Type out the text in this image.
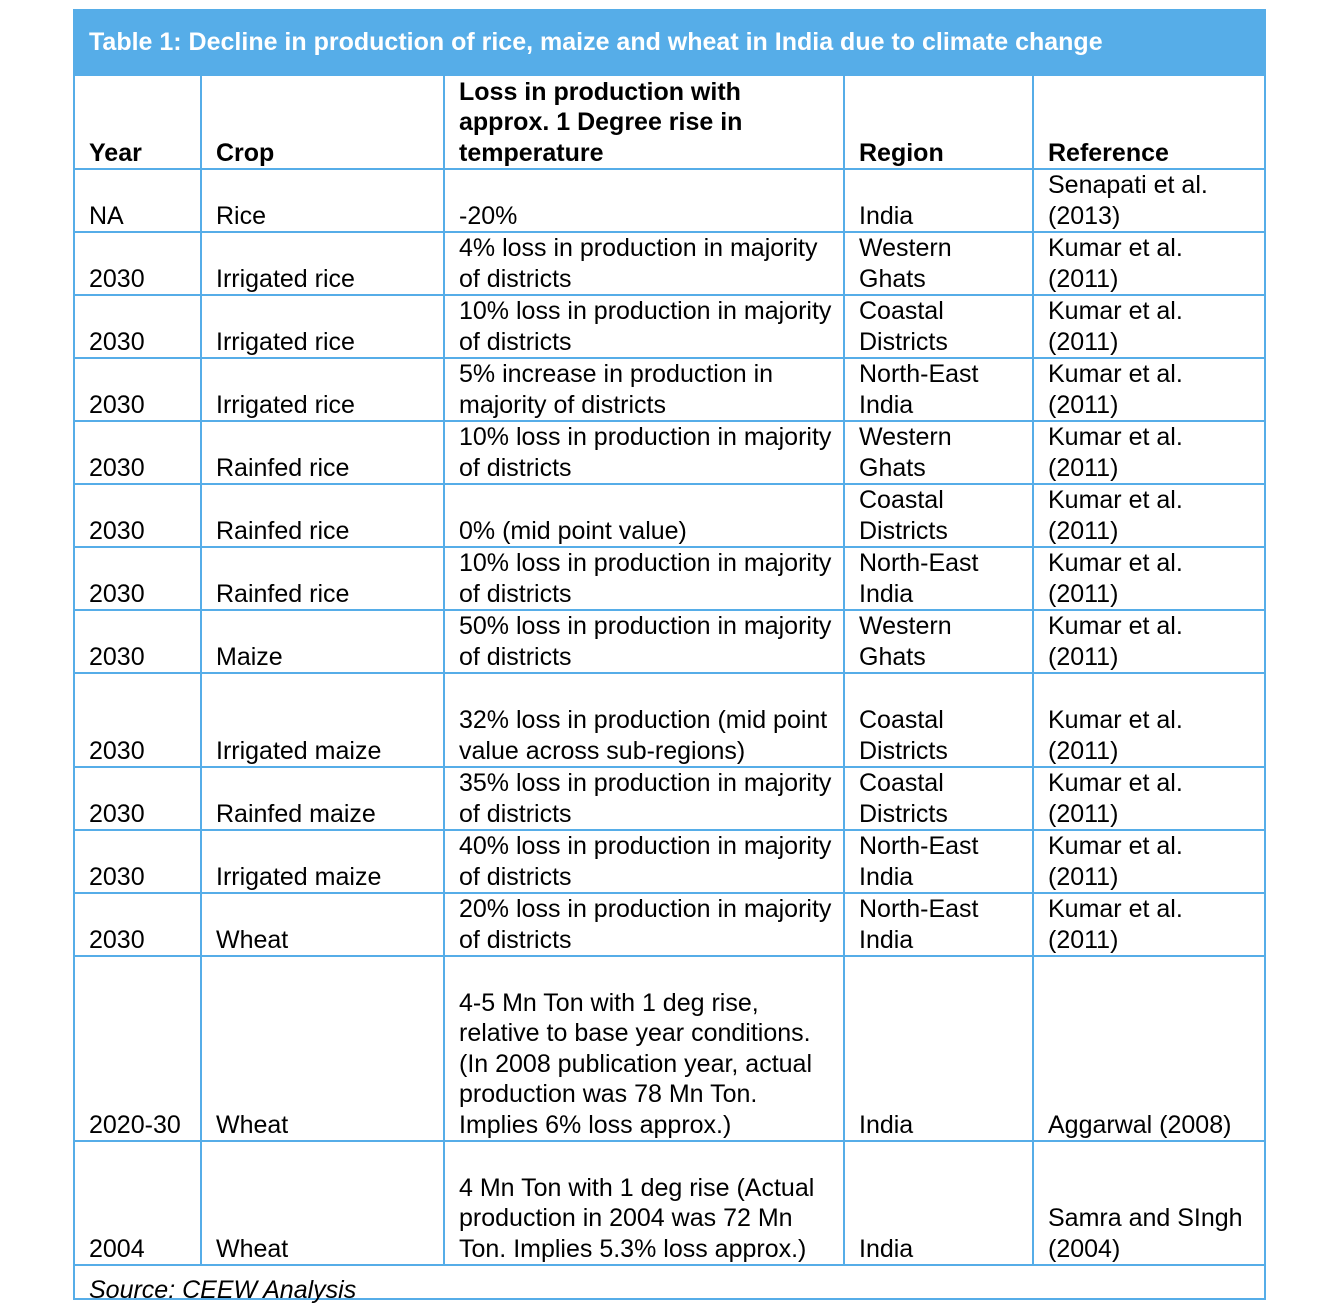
Table 1: Decline in production of rice, maize and wheat in India due to climate change
Year	Crop	Loss in production with approx. 1 Degree rise in temperature	Region	Reference
NA	Rice	-20%	India	Senapati et al. (2013)
2030	Irrigated rice	4% loss in production in majority of districts	Western Ghats	Kumar et al. (2011)
2030	Irrigated rice	10% loss in production in majority of districts	Coastal Districts	Kumar et al. (2011)
2030	Irrigated rice	5% increase in production in majority of districts	North-East India	Kumar et al. (2011)
2030	Rainfed rice	10% loss in production in majority of districts	Western Ghats	Kumar et al. (2011)
2030	Rainfed rice	0% (mid point value)	Coastal Districts	Kumar et al. (2011)
2030	Rainfed rice	10% loss in production in majority of districts	North-East India	Kumar et al. (2011)
2030	Maize	50% loss in production in majority of districts	Western Ghats	Kumar et al. (2011)
2030	Irrigated maize	32% loss in production (mid point value across sub-regions)	Coastal Districts	Kumar et al. (2011)
2030	Rainfed maize	35% loss in production in majority of districts	Coastal Districts	Kumar et al. (2011)
2030	Irrigated maize	40% loss in production in majority of districts	North-East India	Kumar et al. (2011)
2030	Wheat	20% loss in production in majority of districts	North-East India	Kumar et al. (2011)
2020-30	Wheat	4-5 Mn Ton with 1 deg rise, relative to base year conditions. (In 2008 publication year, actual production was 78 Mn Ton. Implies 6% loss approx.)	India	Aggarwal (2008)
2004	Wheat	4 Mn Ton with 1 deg rise (Actual production in 2004 was 72 Mn Ton. Implies 5.3% loss approx.)	India	Samra and SIngh (2004)
Source: CEEW Analysis				
